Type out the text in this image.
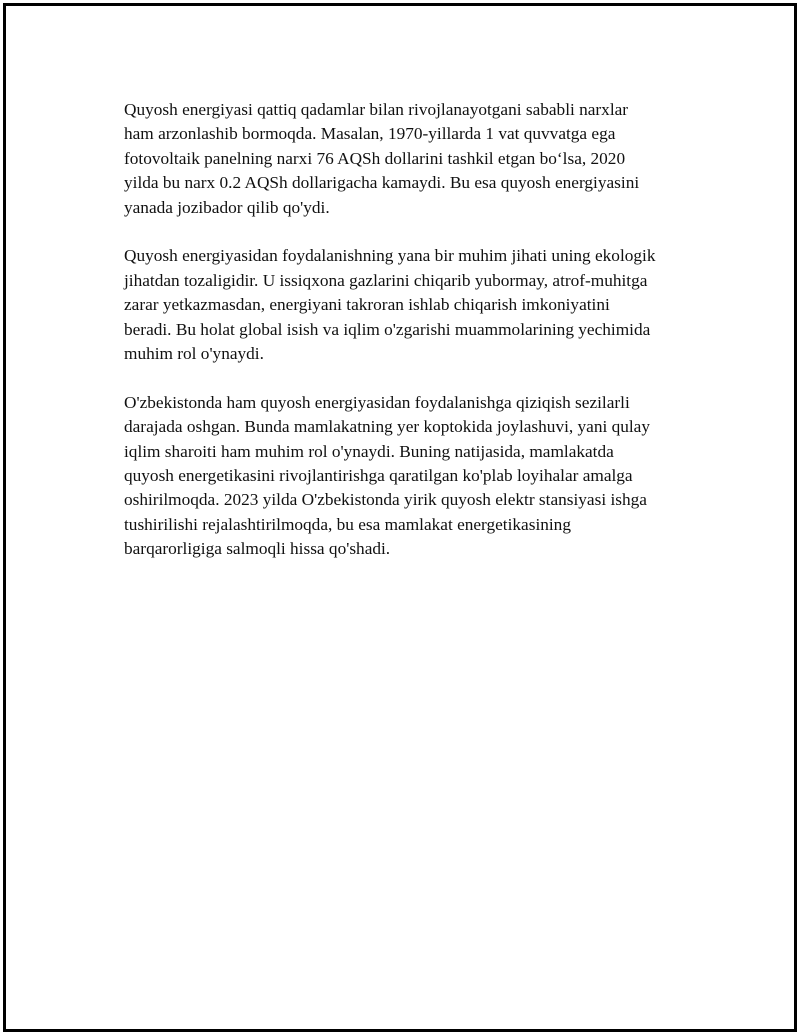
Quyosh energiyasi qattiq qadamlar bilan rivojlanayotgani sababli narxlar
ham arzonlashib bormoqda. Masalan, 1970-yillarda 1 vat quvvatga ega
fotovoltaik panelning narxi 76 AQSh dollarini tashkil etgan bo‘lsa, 2020
yilda bu narx 0.2 AQSh dollarigacha kamaydi. Bu esa quyosh energiyasini
yanada jozibador qilib qo'ydi.

Quyosh energiyasidan foydalanishning yana bir muhim jihati uning ekologik
jihatdan tozaligidir. U issiqxona gazlarini chiqarib yubormay, atrof-muhitga
zarar yetkazmasdan, energiyani takroran ishlab chiqarish imkoniyatini
beradi. Bu holat global isish va iqlim o'zgarishi muammolarining yechimida
muhim rol o'ynaydi.

O'zbekistonda ham quyosh energiyasidan foydalanishga qiziqish sezilarli
darajada oshgan. Bunda mamlakatning yer koptokida joylashuvi, yani qulay
iqlim sharoiti ham muhim rol o'ynaydi. Buning natijasida, mamlakatda
quyosh energetikasini rivojlantirishga qaratilgan ko'plab loyihalar amalga
oshirilmoqda. 2023 yilda O'zbekistonda yirik quyosh elektr stansiyasi ishga
tushirilishi rejalashtirilmoqda, bu esa mamlakat energetikasining
barqarorligiga salmoqli hissa qo'shadi.
